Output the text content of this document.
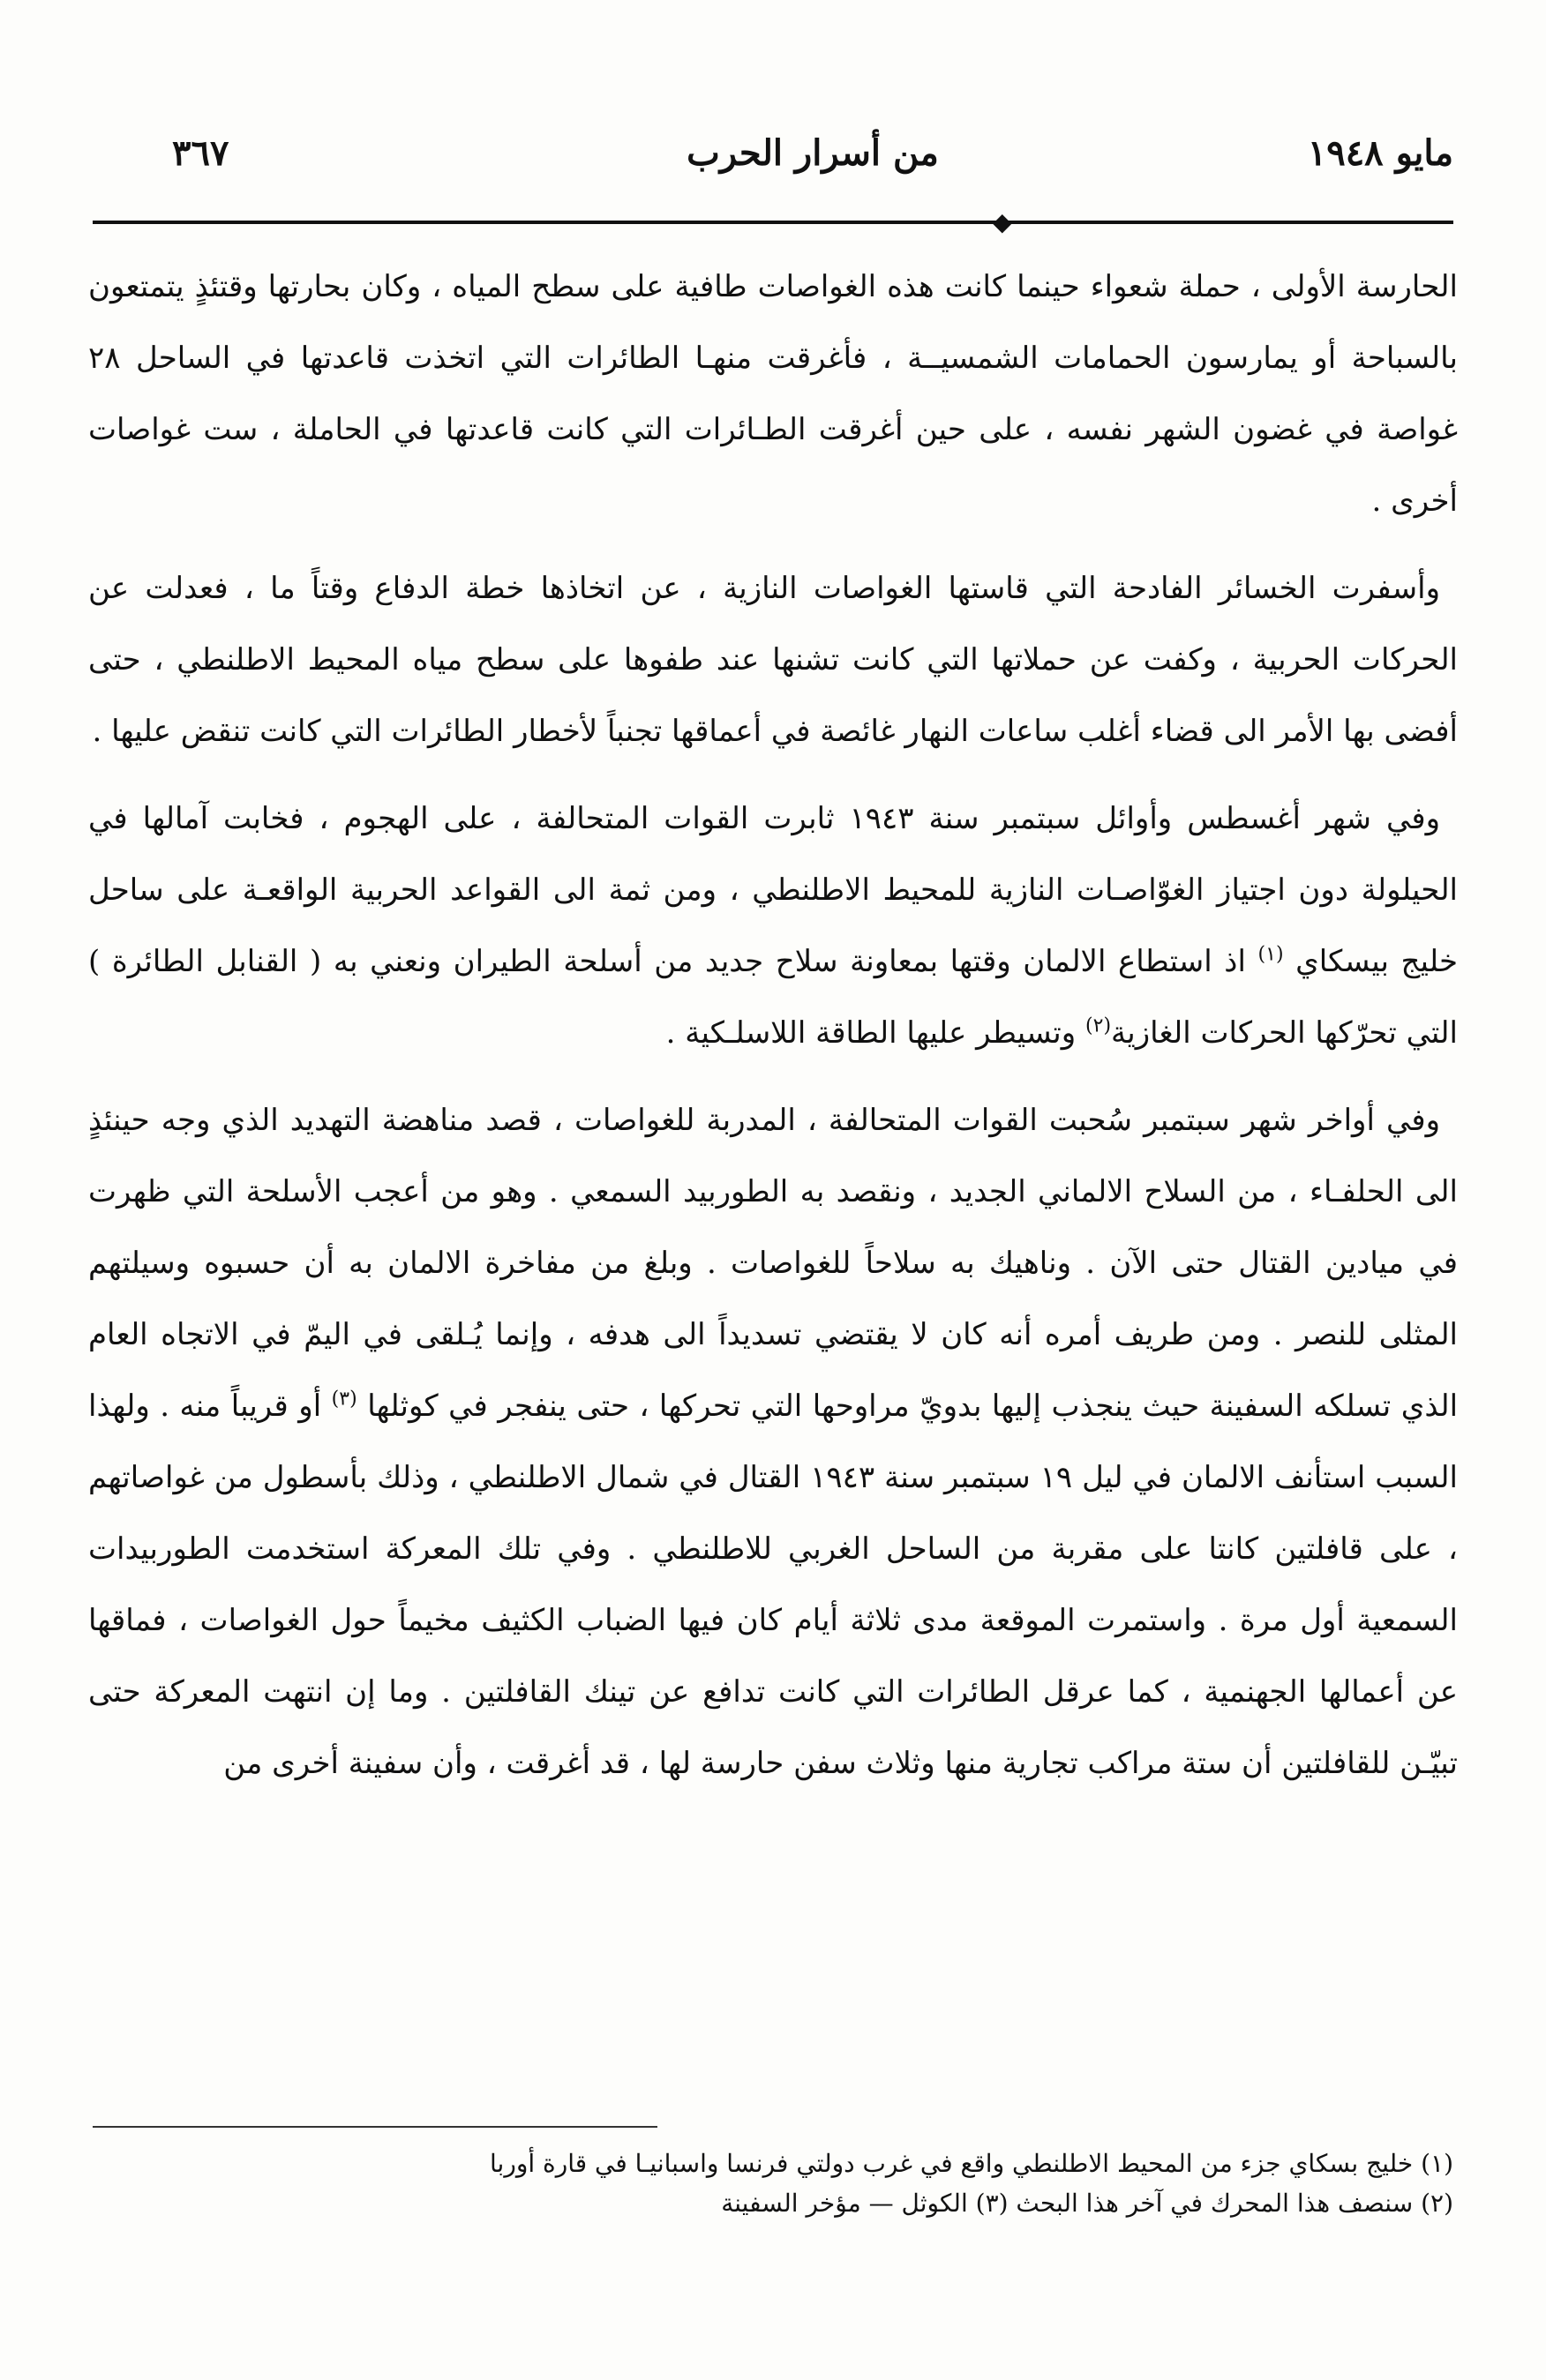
مايو ١٩٤٨
من أسرار الحرب
٣٦٧
◆

الحارسة الأولى ، حملة شعواء حينما كانت هذه الغواصات طافية على سطح المياه ، وكان بحارتها وقتئذٍ يتمتعون بالسباحة أو يمارسون الحمامات الشمسيــة ، فأغرقت منهـا الطائرات التي اتخذت قاعدتها في الساحل ٢٨ غواصة في غضون الشهر نفسه ، على حين أغرقت الطـائرات التي كانت قاعدتها في الحاملة ، ست غواصات أخرى .

وأسفرت الخسائر الفادحة التي قاستها الغواصات النازية ، عن اتخاذها خطة الدفاع وقتاً ما ، فعدلت عن الحركات الحربية ، وكفت عن حملاتها التي كانت تشنها عند طفوها على سطح مياه المحيط الاطلنطي ، حتى أفضى بها الأمر الى قضاء أغلب ساعات النهار غائصة في أعماقها تجنباً لأخطار الطائرات التي كانت تنقض عليها .

وفي شهر أغسطس وأوائل سبتمبر سنة ١٩٤٣ ثابرت القوات المتحالفة ، على الهجوم ، فخابت آمالها في الحيلولة دون اجتياز الغوّاصـات النازية للمحيط الاطلنطي ، ومن ثمة الى القواعد الحربية الواقعـة على ساحل خليج بيسكاي $^{(١)}$ اذ استطاع الالمان وقتها بمعاونة سلاح جديد من أسلحة الطيران ونعني به ( القنابل الطائرة ) التي تحرّكها الحركات الغازية$^{(٢)}$ وتسيطر عليها الطاقة اللاسلـكية .

وفي أواخر شهر سبتمبر سُحبت القوات المتحالفة ، المدربة للغواصات ، قصد مناهضة التهديد الذي وجه حينئذٍ الى الحلفـاء ، من السلاح الالماني الجديد ، ونقصد به الطوربيد السمعي . وهو من أعجب الأسلحة التي ظهرت في ميادين القتال حتى الآن . وناهيك به سلاحاً للغواصات . وبلغ من مفاخرة الالمان به أن حسبوه وسيلتهم المثلى للنصر . ومن طريف أمره أنه كان لا يقتضي تسديداً الى هدفه ، وإنما يُـلقى في اليمّ في الاتجاه العام الذي تسلكه السفينة حيث ينجذب إليها بدويّ مراوحها التي تحركها ، حتى ينفجر في كوثلها $^{(٣)}$ أو قريباً منه . ولهذا السبب استأنف الالمان في ليل ١٩ سبتمبر سنة ١٩٤٣ القتال في شمال الاطلنطي ، وذلك بأسطول من غواصاتهم ، على قافلتين كانتا على مقربة من الساحل الغربي للاطلنطي . وفي تلك المعركة استخدمت الطوربيدات السمعية أول مرة . واستمرت الموقعة مدى ثلاثة أيام كان فيها الضباب الكثيف مخيماً حول الغواصات ، فماقها عن أعمالها الجهنمية ، كما عرقل الطائرات التي كانت تدافع عن تينك القافلتين . وما إن انتهت المعركة حتى تبيّـن للقافلتين أن ستة مراكب تجارية منها وثلاث سفن حارسة لها ، قد أغرقت ، وأن سفينة أخرى من

(١) خليج بسكاي جزء من المحيط الاطلنطي واقع في غرب دولتي فرنسا واسبانيـا في قارة أوربا

(٢) سنصف هذا المحرك في آخر هذا البحث (٣) الكوثل — مؤخر السفينة
